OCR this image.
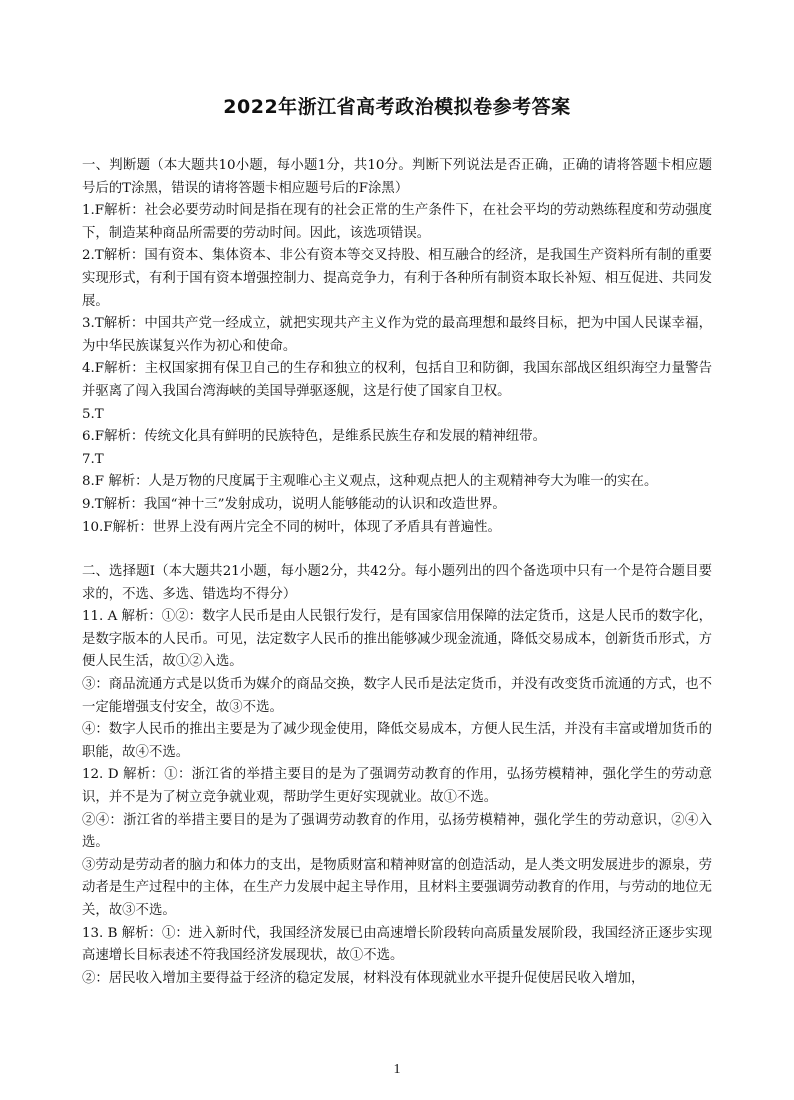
2022年浙江省高考政治模拟卷参考答案

一、判断题（本大题共10小题，每小题1分，共10分。判断下列说法是否正确，正确的请将答题卡相应题号后的T涂黑，错误的请将答题卡相应题号后的F涂黑）

1.F解析：社会必要劳动时间是指在现有的社会正常的生产条件下，在社会平均的劳动熟练程度和劳动强度下，制造某种商品所需要的劳动时间。因此，该选项错误。

2.T解析：国有资本、集体资本、非公有资本等交叉持股、相互融合的经济，是我国生产资料所有制的重要实现形式，有利于国有资本增强控制力、提高竞争力，有利于各种所有制资本取长补短、相互促进、共同发展。

3.T解析：中国共产党一经成立，就把实现共产主义作为党的最高理想和最终目标，把为中国人民谋幸福，为中华民族谋复兴作为初心和使命。

4.F解析：主权国家拥有保卫自己的生存和独立的权利，包括自卫和防御，我国东部战区组织海空力量警告并驱离了闯入我国台湾海峡的美国导弹驱逐舰，这是行使了国家自卫权。

5.T

6.F解析：传统文化具有鲜明的民族特色，是维系民族生存和发展的精神纽带。

7.T

8.F 解析：人是万物的尺度属于主观唯心主义观点，这种观点把人的主观精神夸大为唯一的实在。

9.T解析：我国“神十三”发射成功，说明人能够能动的认识和改造世界。

10.F解析：世界上没有两片完全不同的树叶，体现了矛盾具有普遍性。

二、选择题Ⅰ（本大题共21小题，每小题2分，共42分。每小题列出的四个备选项中只有一个是符合题目要求的，不选、多选、错选均不得分）

11. A 解析：①②：数字人民币是由人民银行发行，是有国家信用保障的法定货币，这是人民币的数字化，是数字版本的人民币。可见，法定数字人民币的推出能够减少现金流通，降低交易成本，创新货币形式，方便人民生活，故①②入选。

③：商品流通方式是以货币为媒介的商品交换，数字人民币是法定货币，并没有改变货币流通的方式，也不一定能增强支付安全，故③不选。

④：数字人民币的推出主要是为了减少现金使用，降低交易成本，方便人民生活，并没有丰富或增加货币的职能，故④不选。

12. D 解析：①：浙江省的举措主要目的是为了强调劳动教育的作用，弘扬劳模精神，强化学生的劳动意识，并不是为了树立竞争就业观，帮助学生更好实现就业。故①不选。

②④：浙江省的举措主要目的是为了强调劳动教育的作用，弘扬劳模精神，强化学生的劳动意识，②④入选。

③劳动是劳动者的脑力和体力的支出，是物质财富和精神财富的创造活动，是人类文明发展进步的源泉，劳动者是生产过程中的主体，在生产力发展中起主导作用，且材料主要强调劳动教育的作用，与劳动的地位无关，故③不选。

13. B 解析：①：进入新时代，我国经济发展已由高速增长阶段转向高质量发展阶段，我国经济正逐步实现高速增长目标表述不符我国经济发展现状，故①不选。

②：居民收入增加主要得益于经济的稳定发展，材料没有体现就业水平提升促使居民收入增加，

1
